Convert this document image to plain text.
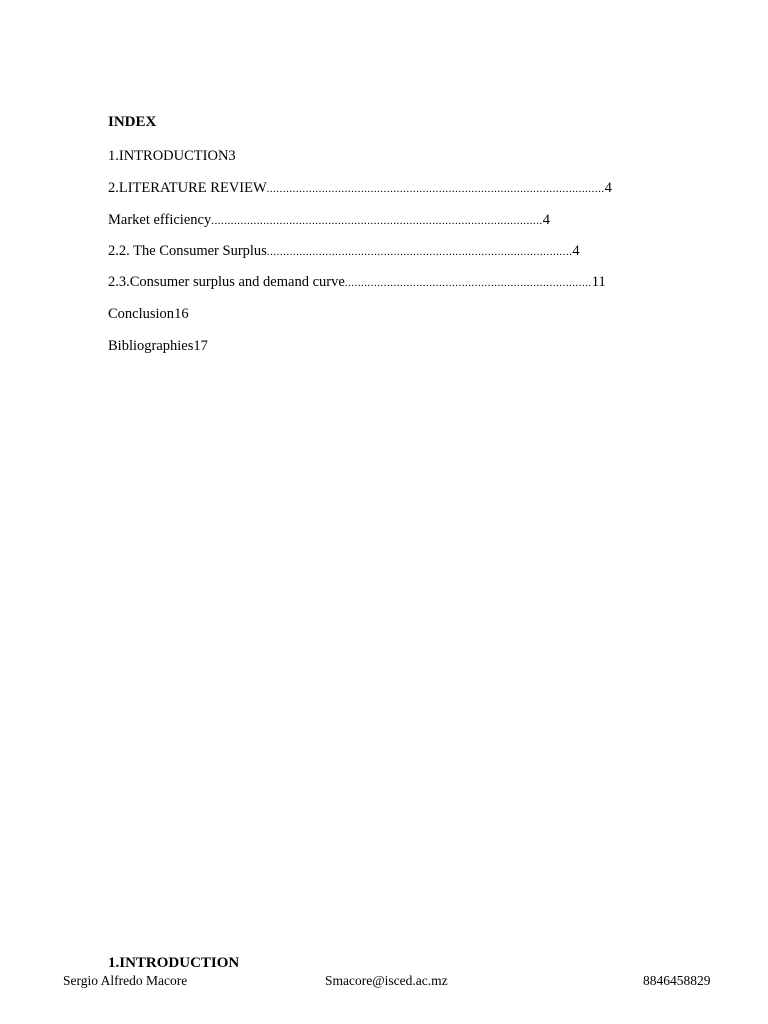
INDEX
1.INTRODUCTION3
2.LITERATURE REVIEW........................................................................................................4
Market efficiency......................................................................................................4
2.2. The Consumer Surplus..............................................................................................4
2.3.Consumer surplus and demand curve............................................................................11
Conclusion16
Bibliographies17
1.INTRODUCTION
Sergio Alfredo Macore	Smacore@isced.ac.mz	8846458829
